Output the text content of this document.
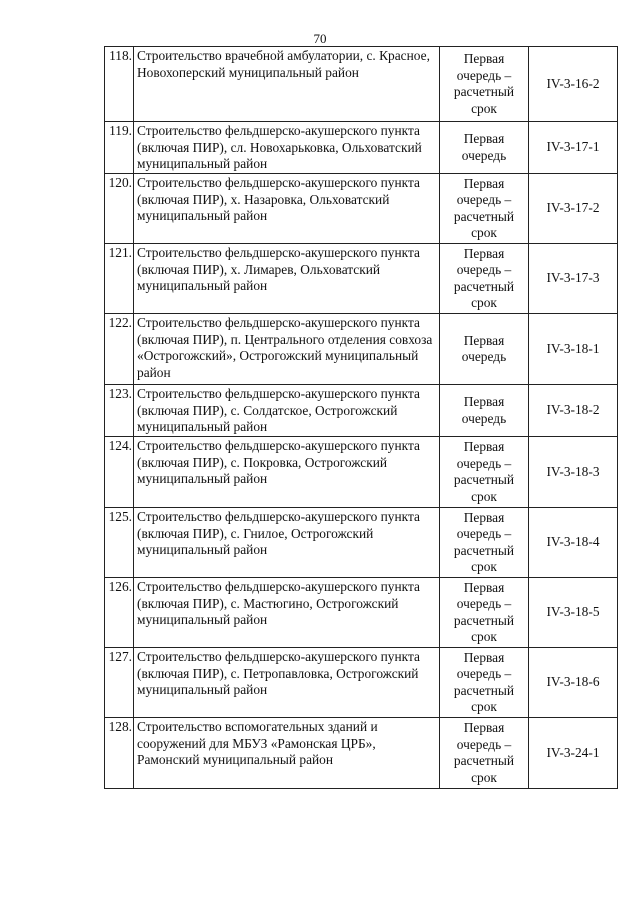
70
118.	Строительство врачебной амбулатории, с. Красное, Новохоперский муниципальный район	Первая
очередь –
расчетный
срок	IV-3-16-2
119.	Строительство фельдшерско-акушерского пункта (включая ПИР), сл. Новохарьковка, Ольховатский муниципальный район	Первая
очередь	IV-3-17-1
120.	Строительство фельдшерско-акушерского пункта (включая ПИР), х. Назаровка, Ольховатский муниципальный район	Первая
очередь –
расчетный
срок	IV-3-17-2
121.	Строительство фельдшерско-акушерского пункта (включая ПИР), х. Лимарев, Ольховатский муниципальный район	Первая
очередь –
расчетный
срок	IV-3-17-3
122.	Строительство фельдшерско-акушерского пункта (включая ПИР), п. Центрального отделения совхоза «Острогожский», Острогожский муниципальный район	Первая
очередь	IV-3-18-1
123.	Строительство фельдшерско-акушерского пункта (включая ПИР), с. Солдатское, Острогожский муниципальный район	Первая
очередь	IV-3-18-2
124.	Строительство фельдшерско-акушерского пункта (включая ПИР), с. Покровка, Острогожский муниципальный район	Первая
очередь –
расчетный
срок	IV-3-18-3
125.	Строительство фельдшерско-акушерского пункта (включая ПИР), с. Гнилое, Острогожский муниципальный район	Первая
очередь –
расчетный
срок	IV-3-18-4
126.	Строительство фельдшерско-акушерского пункта (включая ПИР), с. Мастюгино, Острогожский муниципальный район	Первая
очередь –
расчетный
срок	IV-3-18-5
127.	Строительство фельдшерско-акушерского пункта (включая ПИР), с. Петропавловка, Острогожский муниципальный район	Первая
очередь –
расчетный
срок	IV-3-18-6
128.	Строительство вспомогательных зданий и сооружений для МБУЗ «Рамонская ЦРБ», Рамонский муниципальный район	Первая
очередь –
расчетный
срок	IV-3-24-1
